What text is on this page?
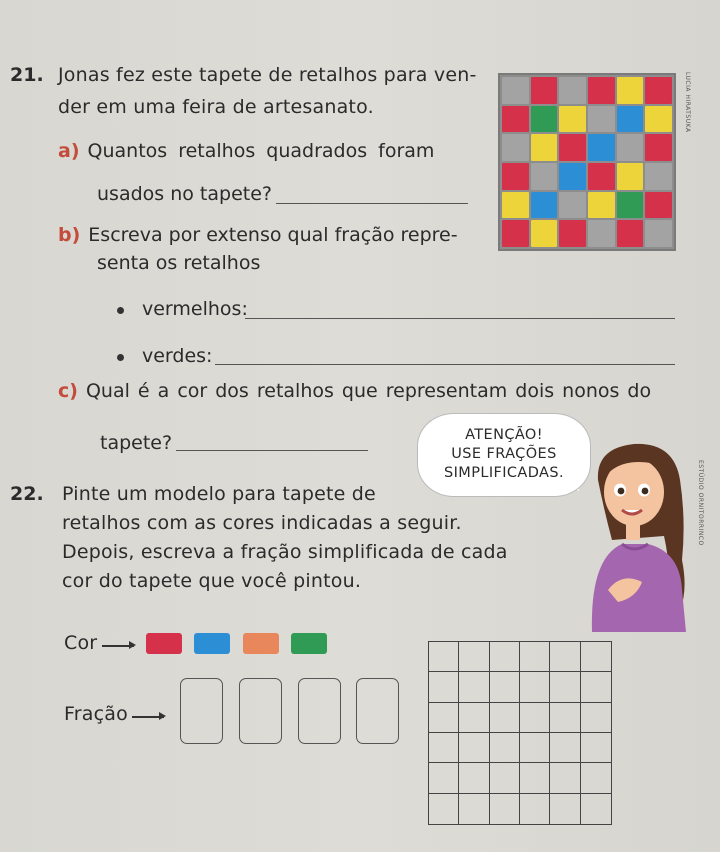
21. Jonas fez este tapete de retalhos para ven-
der em uma feira de artesanato.
a) Quantos retalhos quadrados foram
usados no tapete?
b) Escreva por extenso qual fração repre-
senta os retalhos
vermelhos:
verdes:
c) Qual é a cor dos retalhos que representam dois nonos do
tapete?
LUCIA HIRATSUKA
ATENÇÃO!
USE FRAÇÕES
SIMPLIFICADAS.	ESTÚDIO ORNITORRINCO
22. Pinte um modelo para tapete de
retalhos com as cores indicadas a seguir.
Depois, escreva a fração simplificada de cada
cor do tapete que você pintou.
Cor
Fração
